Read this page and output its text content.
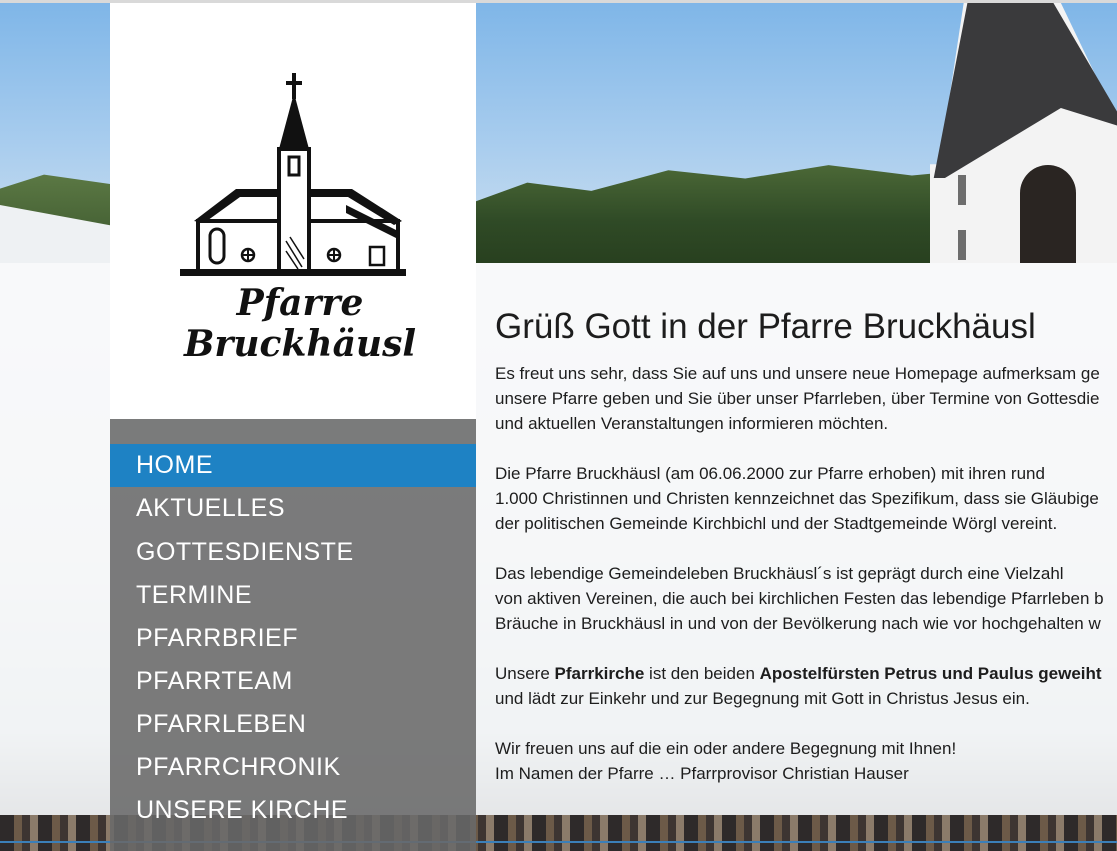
Pfarre
Bruckhäusl
HOME
AKTUELLES
GOTTESDIENSTE
TERMINE
PFARRBRIEF
PFARRTEAM
PFARRLEBEN
PFARRCHRONIK
UNSERE KIRCHE
Grüß Gott in der Pfarre Bruckhäusl

Es freut uns sehr, dass Sie auf uns und unsere neue Homepage aufmerksam ge
unsere Pfarre geben und Sie über unser Pfarrleben, über Termine von Gottesdie
und aktuellen Veranstaltungen informieren möchten.

Die Pfarre Bruckhäusl (am 06.06.2000 zur Pfarre erhoben) mit ihren rund
1.000 Christinnen und Christen kennzeichnet das Spezifikum, dass sie Gläubige
der politischen Gemeinde Kirchbichl und der Stadtgemeinde Wörgl vereint.

Das lebendige Gemeindeleben Bruckhäusl´s ist geprägt durch eine Vielzahl
von aktiven Vereinen, die auch bei kirchlichen Festen das lebendige Pfarrleben b
Bräuche in Bruckhäusl in und von der Bevölkerung nach wie vor hochgehalten w

Unsere Pfarrkirche ist den beiden Apostelfürsten Petrus und Paulus geweiht
und lädt zur Einkehr und zur Begegnung mit Gott in Christus Jesus ein.

Wir freuen uns auf die ein oder andere Begegnung mit Ihnen!
Im Namen der Pfarre … Pfarrprovisor Christian Hauser
